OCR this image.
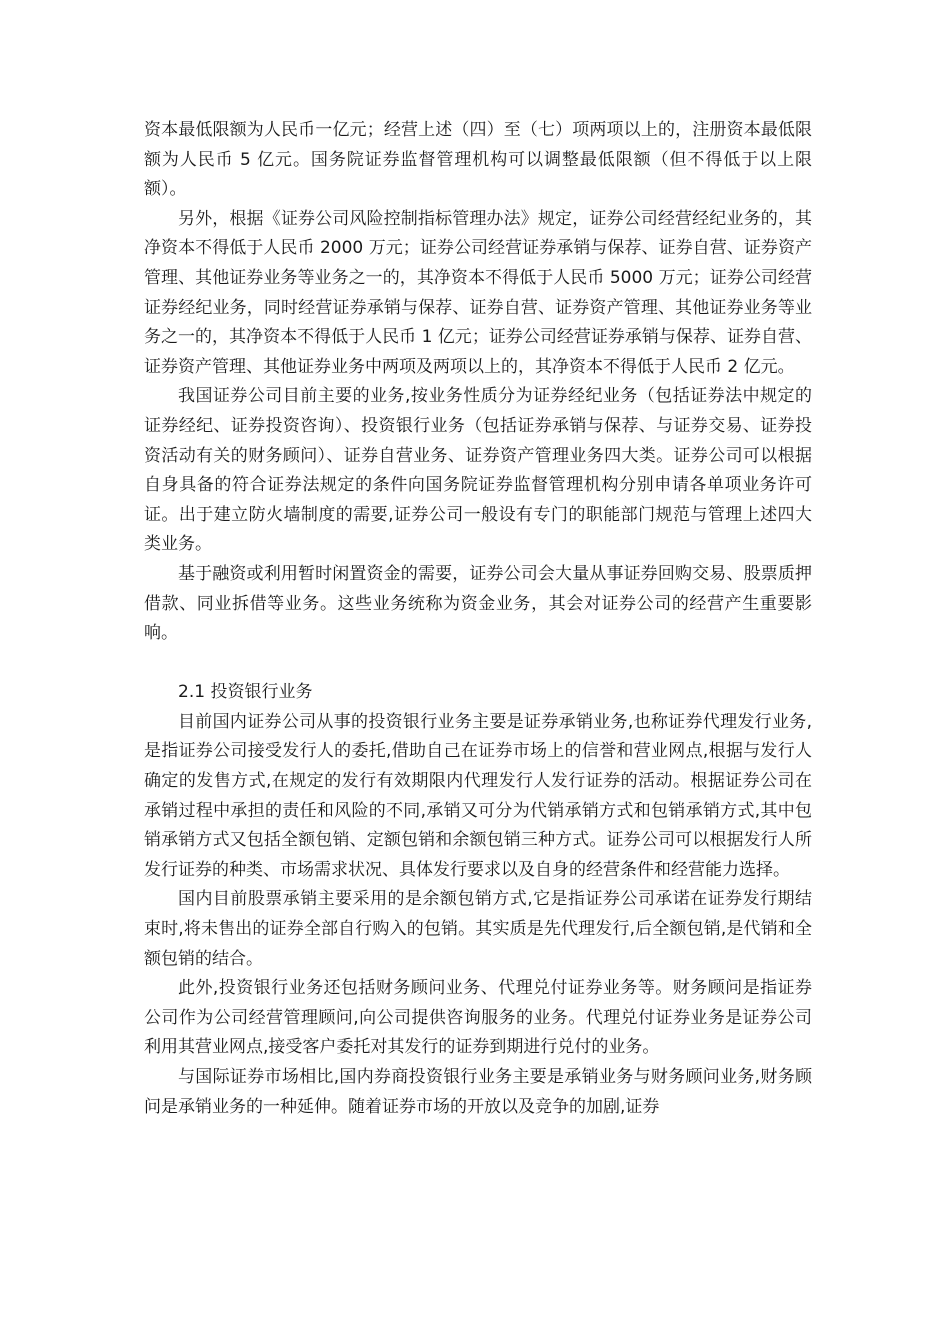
资本最低限额为人民币一亿元；经营上述（四）至（七）项两项以上的，注册资本最低限额为人民币 5 亿元。国务院证券监督管理机构可以调整最低限额（但不得低于以上限额）。

另外，根据《证券公司风险控制指标管理办法》规定，证券公司经营经纪业务的，其净资本不得低于人民币 2000 万元；证券公司经营证券承销与保荐、证券自营、证券资产管理、其他证券业务等业务之一的，其净资本不得低于人民币 5000 万元；证券公司经营证券经纪业务，同时经营证券承销与保荐、证券自营、证券资产管理、其他证券业务等业务之一的，其净资本不得低于人民币 1 亿元；证券公司经营证券承销与保荐、证券自营、证券资产管理、其他证券业务中两项及两项以上的，其净资本不得低于人民币 2 亿元。

我国证券公司目前主要的业务,按业务性质分为证券经纪业务（包括证券法中规定的证券经纪、证券投资咨询）、投资银行业务（包括证券承销与保荐、与证券交易、证券投资活动有关的财务顾问）、证券自营业务、证券资产管理业务四大类。证券公司可以根据自身具备的符合证券法规定的条件向国务院证券监督管理机构分别申请各单项业务许可证。出于建立防火墙制度的需要,证券公司一般设有专门的职能部门规范与管理上述四大类业务。

基于融资或利用暂时闲置资金的需要，证券公司会大量从事证券回购交易、股票质押借款、同业拆借等业务。这些业务统称为资金业务，其会对证券公司的经营产生重要影响。

2.1 投资银行业务

目前国内证券公司从事的投资银行业务主要是证券承销业务,也称证券代理发行业务,是指证券公司接受发行人的委托,借助自己在证券市场上的信誉和营业网点,根据与发行人确定的发售方式,在规定的发行有效期限内代理发行人发行证券的活动。根据证券公司在承销过程中承担的责任和风险的不同,承销又可分为代销承销方式和包销承销方式,其中包销承销方式又包括全额包销、定额包销和余额包销三种方式。证券公司可以根据发行人所发行证券的种类、市场需求状况、具体发行要求以及自身的经营条件和经营能力选择。

国内目前股票承销主要采用的是余额包销方式,它是指证券公司承诺在证券发行期结束时,将未售出的证券全部自行购入的包销。其实质是先代理发行,后全额包销,是代销和全额包销的结合。

此外,投资银行业务还包括财务顾问业务、代理兑付证券业务等。财务顾问是指证券公司作为公司经营管理顾问,向公司提供咨询服务的业务。代理兑付证券业务是证券公司利用其营业网点,接受客户委托对其发行的证券到期进行兑付的业务。

与国际证券市场相比,国内券商投资银行业务主要是承销业务与财务顾问业务,财务顾问是承销业务的一种延伸。随着证券市场的开放以及竞争的加剧,证券
